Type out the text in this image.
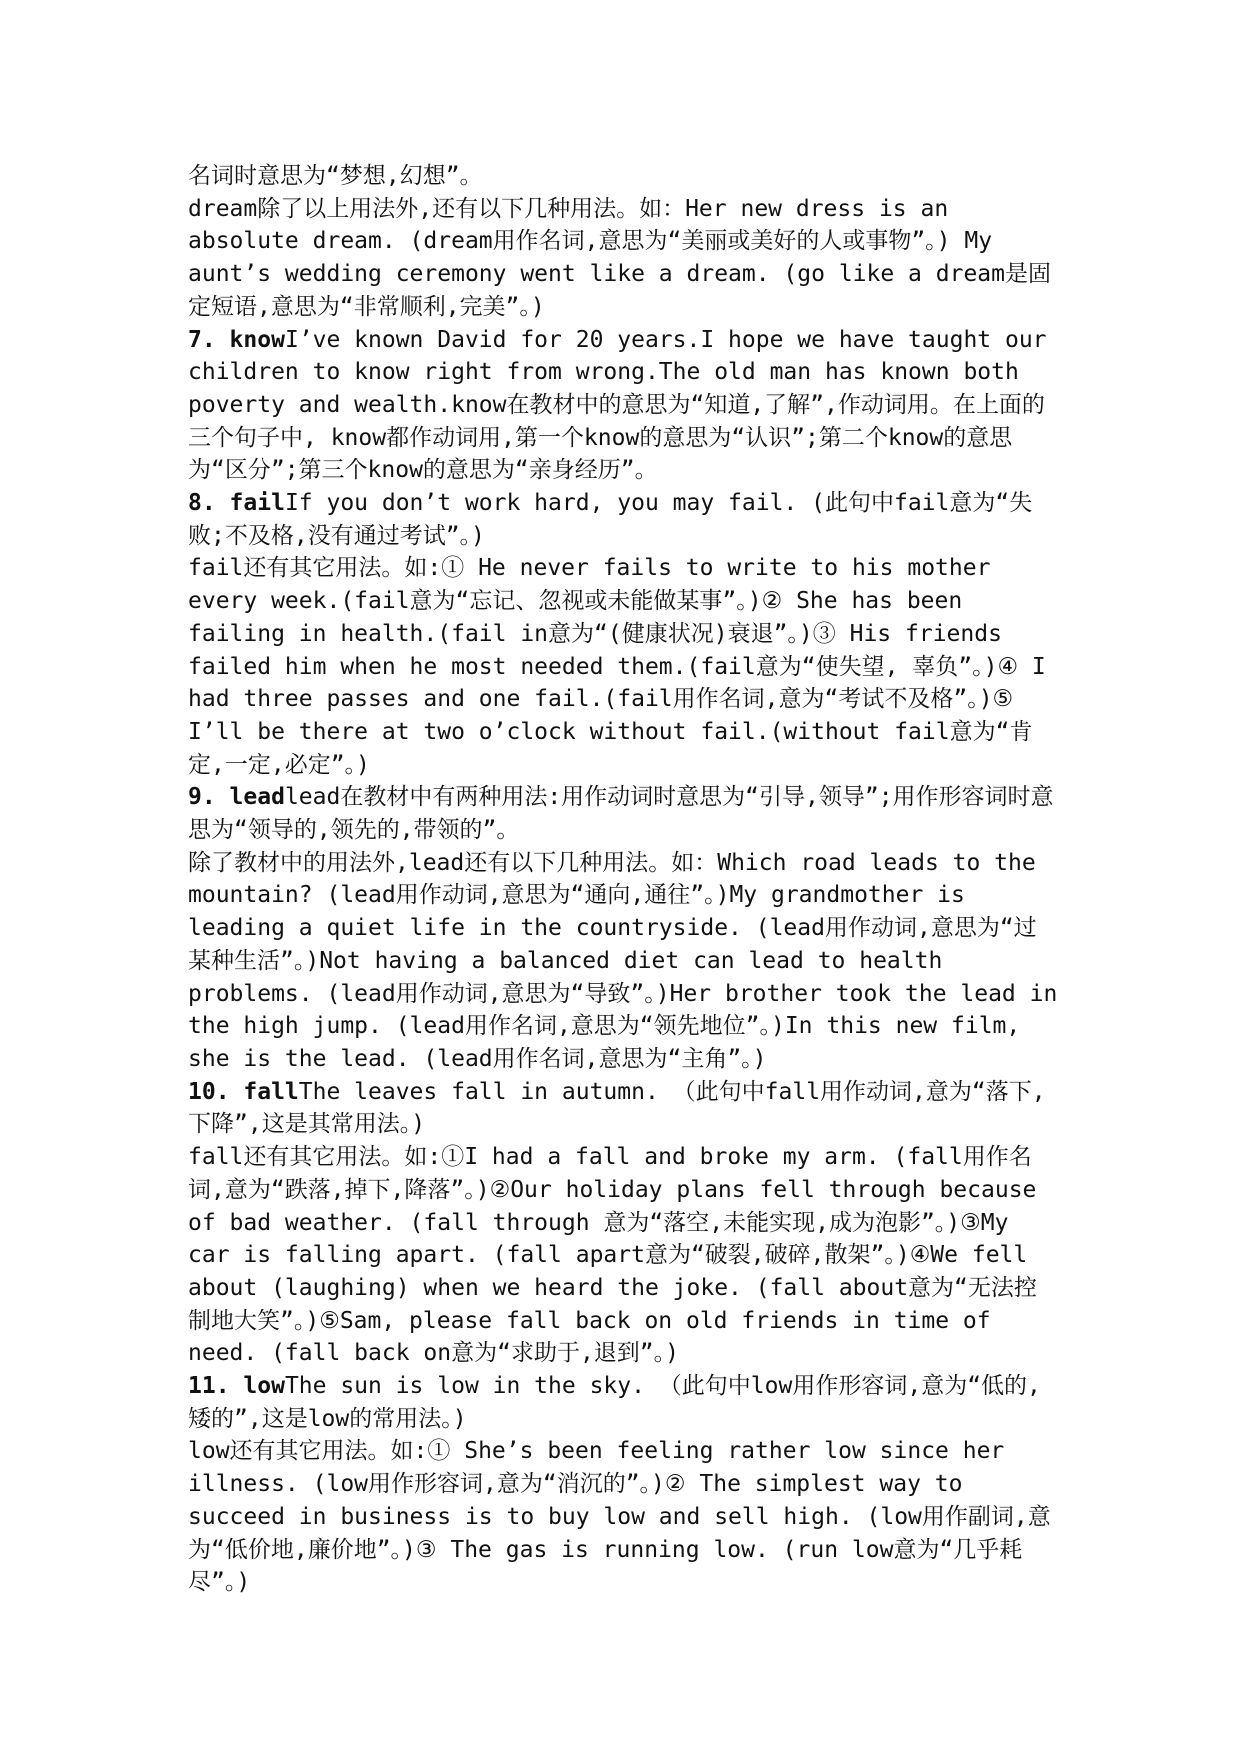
名词时意思为“梦想,幻想”。

dream除了以上用法外,还有以下几种用法。如：Her new dress is an absolute dream. (dream用作名词,意思为“美丽或美好的人或事物”。) My aunt’s wedding ceremony went like a dream. (go like a dream是固定短语,意思为“非常顺利,完美”。)

7. knowI’ve known David for 20 years.I hope we have taught our children to know right from wrong.The old man has known both poverty and wealth.know在教材中的意思为“知道,了解”,作动词用。在上面的三个句子中, know都作动词用,第一个know的意思为“认识”;第二个know的意思为“区分”;第三个know的意思为“亲身经历”。

8. failIf you don’t work hard, you may fail. (此句中fail意为“失败;不及格,没有通过考试”。)

fail还有其它用法。如:① He never fails to write to his mother every week.(fail意为“忘记、忽视或未能做某事”。)② She has been failing in health.(fail in意为“(健康状况)衰退”。)③ His friends failed him when he most needed them.(fail意为“使失望, 辜负”。)④ I had three passes and one fail.(fail用作名词,意为“考试不及格”。)⑤ I’ll be there at two o’clock without fail.(without fail意为“肯定,一定,必定”。)

9. leadlead在教材中有两种用法:用作动词时意思为“引导,领导”;用作形容词时意思为“领导的,领先的,带领的”。

除了教材中的用法外,lead还有以下几种用法。如：Which road leads to the mountain? (lead用作动词,意思为“通向,通往”。)My grandmother is leading a quiet life in the countryside. (lead用作动词,意思为“过某种生活”。)Not having a balanced diet can lead to health problems. (lead用作动词,意思为“导致”。)Her brother took the lead in the high jump. (lead用作名词,意思为“领先地位”。)In this new film, she is the lead. (lead用作名词,意思为“主角”。)

10. fallThe leaves fall in autumn. （此句中fall用作动词,意为“落下,下降”,这是其常用法。)

fall还有其它用法。如:①I had a fall and broke my arm. (fall用作名词,意为“跌落,掉下,降落”。)②Our holiday plans fell through because of bad weather. (fall through 意为“落空,未能实现,成为泡影”。)③My car is falling apart. (fall apart意为“破裂,破碎,散架”。)④We fell about (laughing) when we heard the joke. (fall about意为“无法控制地大笑”。)⑤Sam, please fall back on old friends in time of need. (fall back on意为“求助于,退到”。)

11. lowThe sun is low in the sky. （此句中low用作形容词,意为“低的,矮的”,这是low的常用法。)

low还有其它用法。如:① She’s been feeling rather low since her illness. (low用作形容词,意为“消沉的”。)② The simplest way to succeed in business is to buy low and sell high. (low用作副词,意为“低价地,廉价地”。)③ The gas is running low. (run low意为“几乎耗尽”。)
